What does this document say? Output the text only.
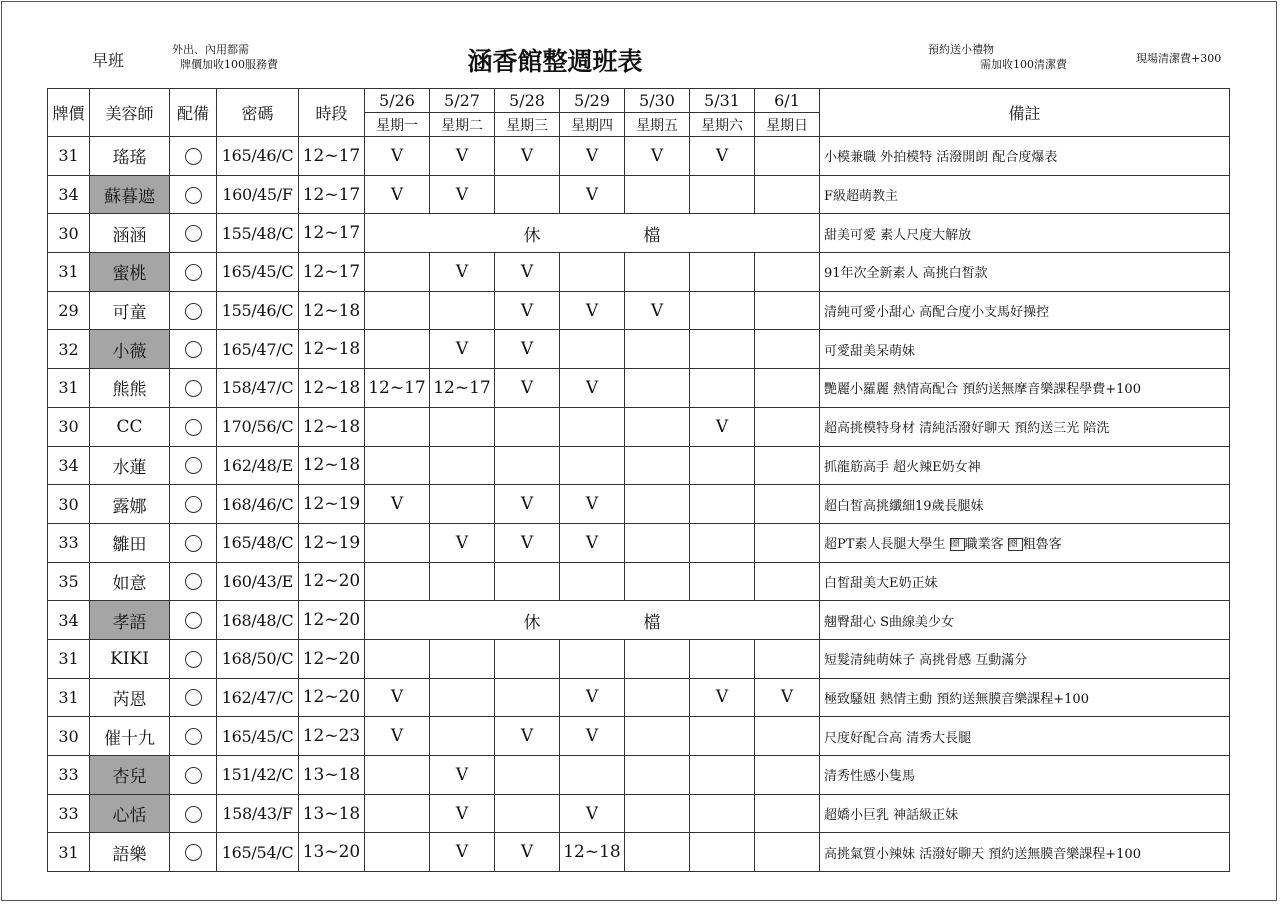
早班
外出、內用都需
牌價加收100服務費	涵香館整週班表	預約送小禮物
需加收100清潔費	現場清潔費+300
牌價	美容師	配備	密碼	時段	5/26	5/27	5/28	5/29	5/30	5/31	6/1	備註
					星期一	星期二	星期三	星期四	星期五	星期六	星期日	
31	瑤瑤		165/46/C	12~17	V	V	V	V	V	V		小模兼職 外拍模特 活潑開朗 配合度爆表
34	蘇暮遮		160/45/F	12~17	V	V		V				F級超萌教主
30	涵涵		155/48/C	12~17	休 檔							甜美可愛 素人尺度大解放
31	蜜桃		165/45/C	12~17		V	V					91年次全新素人 高挑白皙款
29	可童		155/46/C	12~18			V	V	V			清純可愛小甜心 高配合度小支馬好操控
32	小薇		165/47/C	12~18		V	V					可愛甜美呆萌妹
31	熊熊		158/47/C	12~18	12~17	12~17	V	V				艷麗小羅麗 熱情高配合 預約送無摩音樂課程學費+100
30	CC		170/56/C	12~18						V		超高挑模特身材 清純活潑好聊天 預約送三光 陪洗
34	水蓮		162/48/E	12~18								抓龍筋高手 超火辣E奶女神
30	露娜		168/46/C	12~19	V		V	V				超白皙高挑纖細19歲長腿妹
33	雛田		165/48/C	12~19		V	V	V				超PT素人長腿大學生 圈 職業客 圈 粗魯客
35	如意		160/43/E	12~20								白皙甜美大E奶正妹
34	孝語		168/48/C	12~20	休 檔							翹臀甜心 S曲線美少女
31	KIKI		168/50/C	12~20								短髮清純萌妹子 高挑骨感 互動滿分
31	芮恩		162/47/C	12~20	V			V		V	V	極致騷妞 熱情主動 預約送無膜音樂課程+100
30	催十九		165/45/C	12~23	V		V	V				尺度好配合高 清秀大長腿
33	杏兒		151/42/C	13~18		V						清秀性感小隻馬
33	心恬		158/43/F	13~18		V		V				超嬌小巨乳 神話級正妹
31	語樂		165/54/C	13~20		V	V	12~18				高挑氣質小辣妹 活潑好聊天 預約送無膜音樂課程+100
